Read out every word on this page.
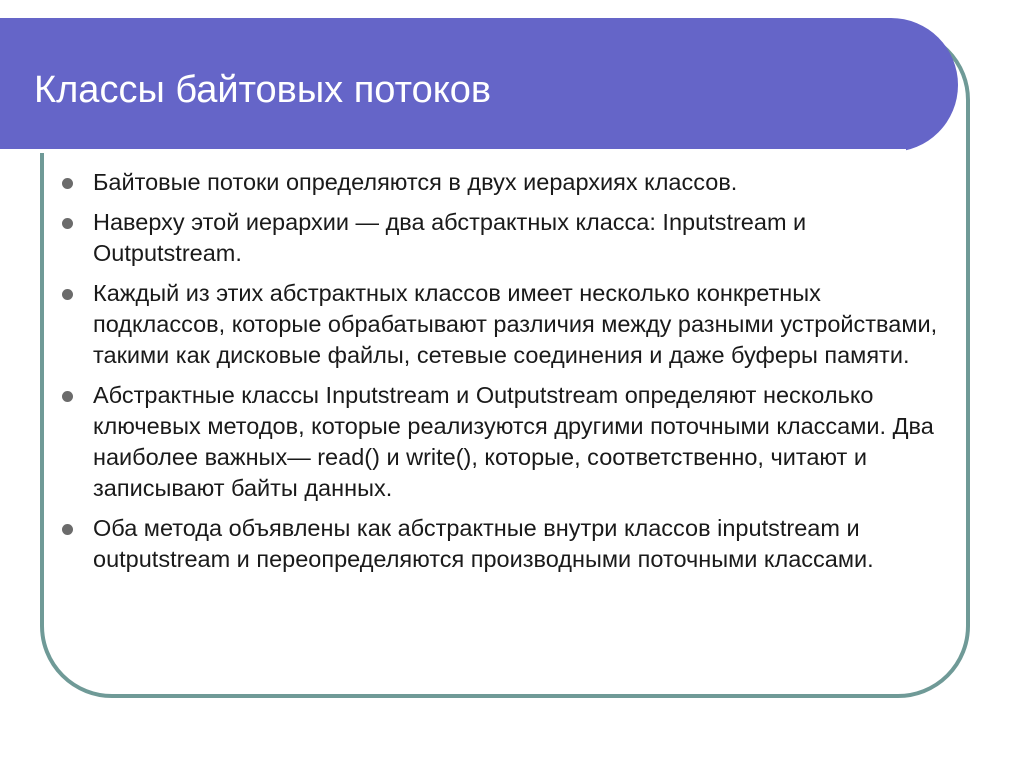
Классы байтовых потоков
Байтовые потоки определяются в двух иерархиях классов.
Наверху этой иерархии — два абстрактных класса: Inputstream и Outputstream.
Каждый из этих абстрактных классов имеет несколько конкретных подклассов, которые обрабатывают различия между разными устройствами, такими как дисковые файлы, сетевые соединения и даже буферы памяти.
Абстрактные классы Inputstream и Outputstream определяют несколько ключевых методов, которые реализуются другими поточными классами. Два наиболее важных— read() и write(), которые, соответственно, читают и записывают байты данных.
Оба метода объявлены как абстрактные внутри классов inputstream и outputstream и переопределяются производными поточными классами.
